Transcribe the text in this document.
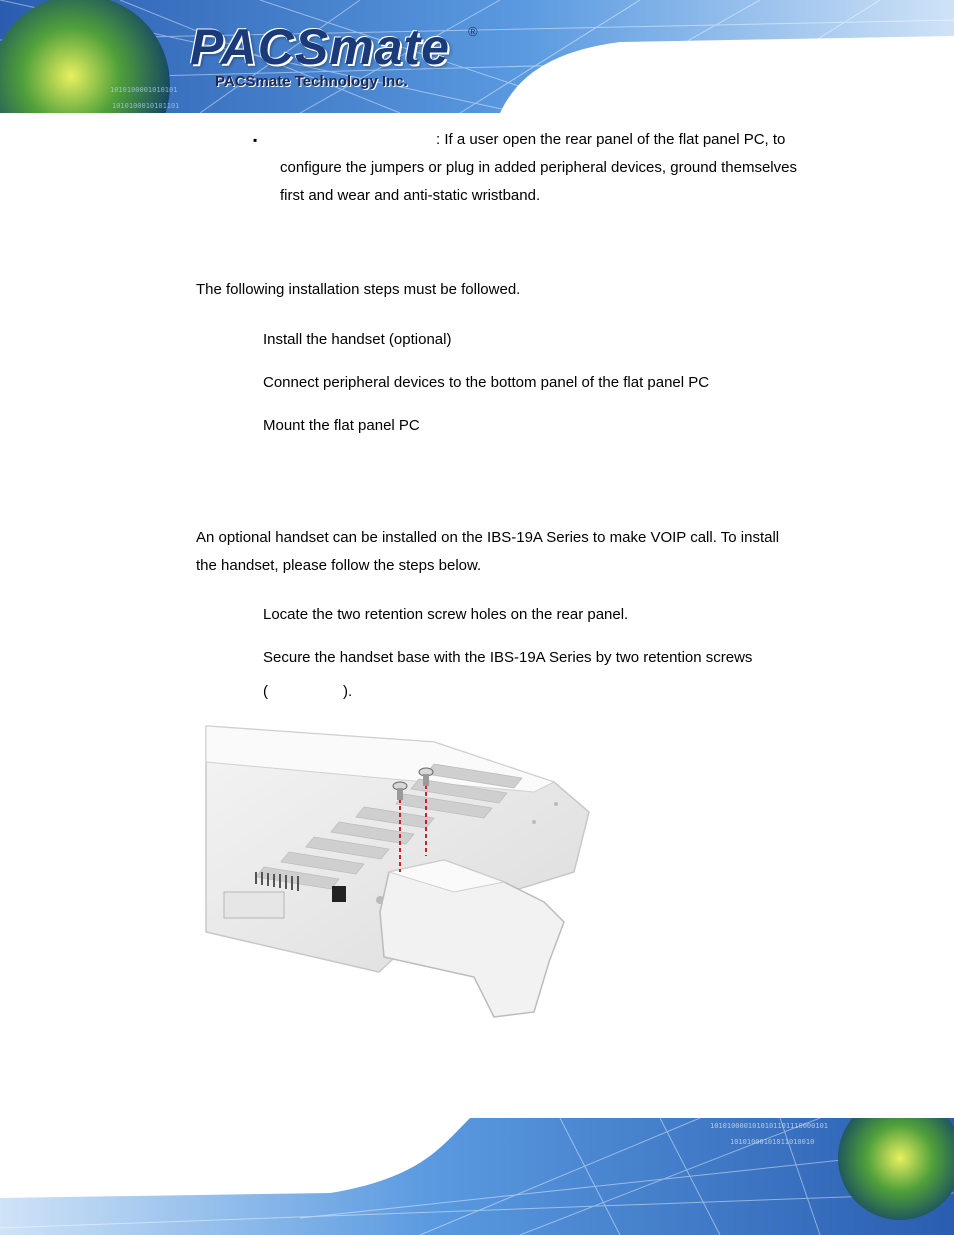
1010100001010101
1010100010101101
PACSmate ®
PACSmate Technology Inc.
▪	: If a user open the rear panel of the flat panel PC, to
configure the jumpers or plug in added peripheral devices, ground themselves
first and wear and anti-static wristband.
The following installation steps must be followed.
Install the handset (optional)
Connect peripheral devices to the bottom panel of the flat panel PC
Mount the flat panel PC
An optional handset can be installed on the IBS-19A Series to make VOIP call. To install
the handset, please follow the steps below.
Locate the two retention screw holes on the rear panel.
Secure the handset base with the IBS-19A Series by two retention screws
(	).
1010100001010101101110000101
10101000101011010010
